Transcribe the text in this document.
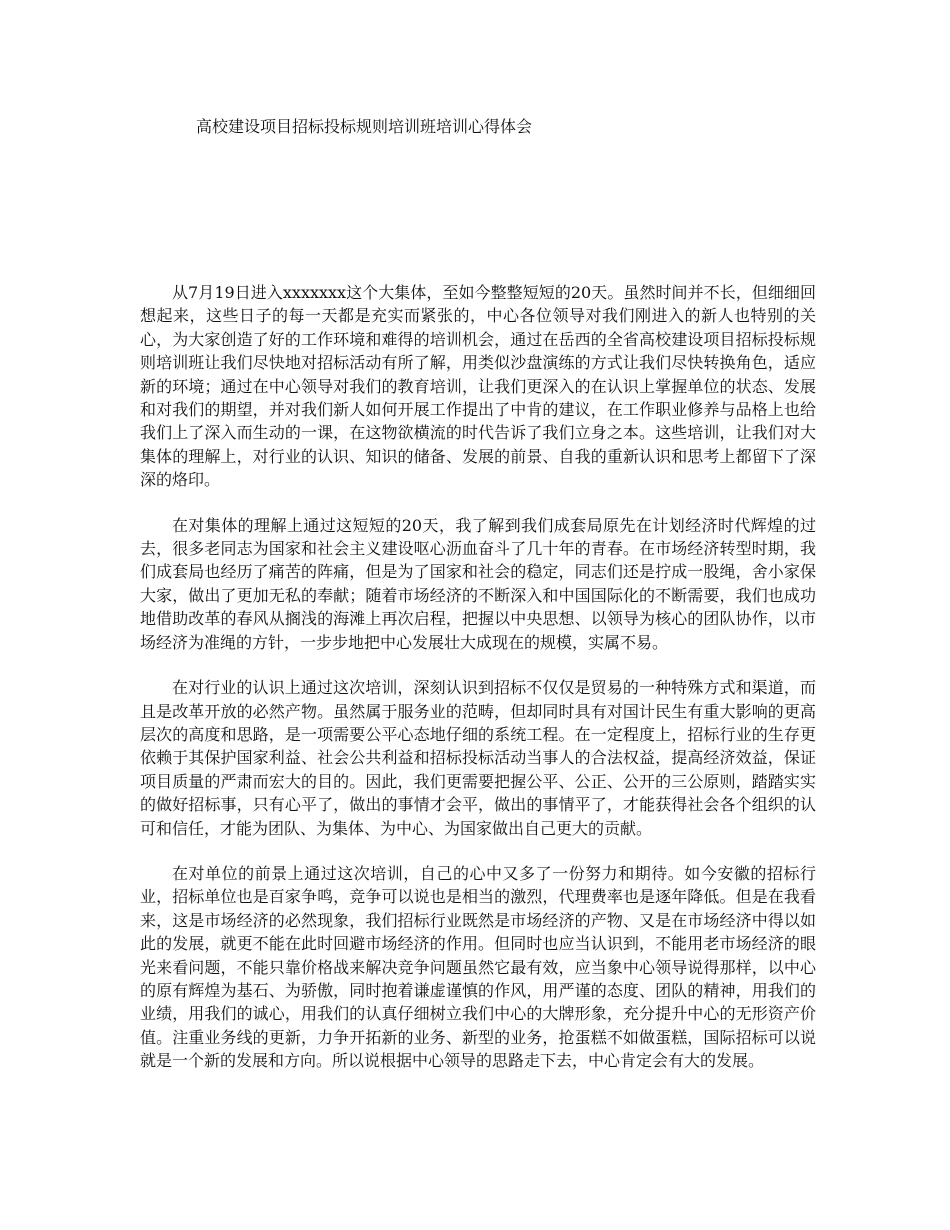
高校建设项目招标投标规则培训班培训心得体会

从7月19日进入xxxxxxx这个大集体，至如今整整短短的20天。虽然时间并不长，但细细回想起来，这些日子的每一天都是充实而紧张的，中心各位领导对我们刚进入的新人也特别的关心，为大家创造了好的工作环境和难得的培训机会，通过在岳西的全省高校建设项目招标投标规则培训班让我们尽快地对招标活动有所了解，用类似沙盘演练的方式让我们尽快转换角色，适应新的环境；通过在中心领导对我们的教育培训，让我们更深入的在认识上掌握单位的状态、发展和对我们的期望，并对我们新人如何开展工作提出了中肯的建议，在工作职业修养与品格上也给我们上了深入而生动的一课，在这物欲横流的时代告诉了我们立身之本。这些培训，让我们对大集体的理解上，对行业的认识、知识的储备、发展的前景、自我的重新认识和思考上都留下了深深的烙印。

在对集体的理解上通过这短短的20天，我了解到我们成套局原先在计划经济时代辉煌的过去，很多老同志为国家和社会主义建设呕心沥血奋斗了几十年的青春。在市场经济转型时期，我们成套局也经历了痛苦的阵痛，但是为了国家和社会的稳定，同志们还是拧成一股绳，舍小家保大家，做出了更加无私的奉献；随着市场经济的不断深入和中国国际化的不断需要，我们也成功地借助改革的春风从搁浅的海滩上再次启程，把握以中央思想、以领导为核心的团队协作，以市场经济为准绳的方针，一步步地把中心发展壮大成现在的规模，实属不易。

在对行业的认识上通过这次培训，深刻认识到招标不仅仅是贸易的一种特殊方式和渠道，而且是改革开放的必然产物。虽然属于服务业的范畴，但却同时具有对国计民生有重大影响的更高层次的高度和思路，是一项需要公平心态地仔细的系统工程。在一定程度上，招标行业的生存更依赖于其保护国家利益、社会公共利益和招标投标活动当事人的合法权益，提高经济效益，保证项目质量的严肃而宏大的目的。因此，我们更需要把握公平、公正、公开的三公原则，踏踏实实的做好招标事，只有心平了，做出的事情才会平，做出的事情平了，才能获得社会各个组织的认可和信任，才能为团队、为集体、为中心、为国家做出自己更大的贡献。

在对单位的前景上通过这次培训，自己的心中又多了一份努力和期待。如今安徽的招标行业，招标单位也是百家争鸣，竞争可以说也是相当的激烈，代理费率也是逐年降低。但是在我看来，这是市场经济的必然现象，我们招标行业既然是市场经济的产物、又是在市场经济中得以如此的发展，就更不能在此时回避市场经济的作用。但同时也应当认识到，不能用老市场经济的眼光来看问题，不能只靠价格战来解决竞争问题虽然它最有效，应当象中心领导说得那样，以中心的原有辉煌为基石、为骄傲，同时抱着谦虚谨慎的作风，用严谨的态度、团队的精神，用我们的业绩，用我们的诚心，用我们的认真仔细树立我们中心的大牌形象，充分提升中心的无形资产价值。注重业务线的更新，力争开拓新的业务、新型的业务，抢蛋糕不如做蛋糕，国际招标可以说就是一个新的发展和方向。所以说根据中心领导的思路走下去，中心肯定会有大的发展。
